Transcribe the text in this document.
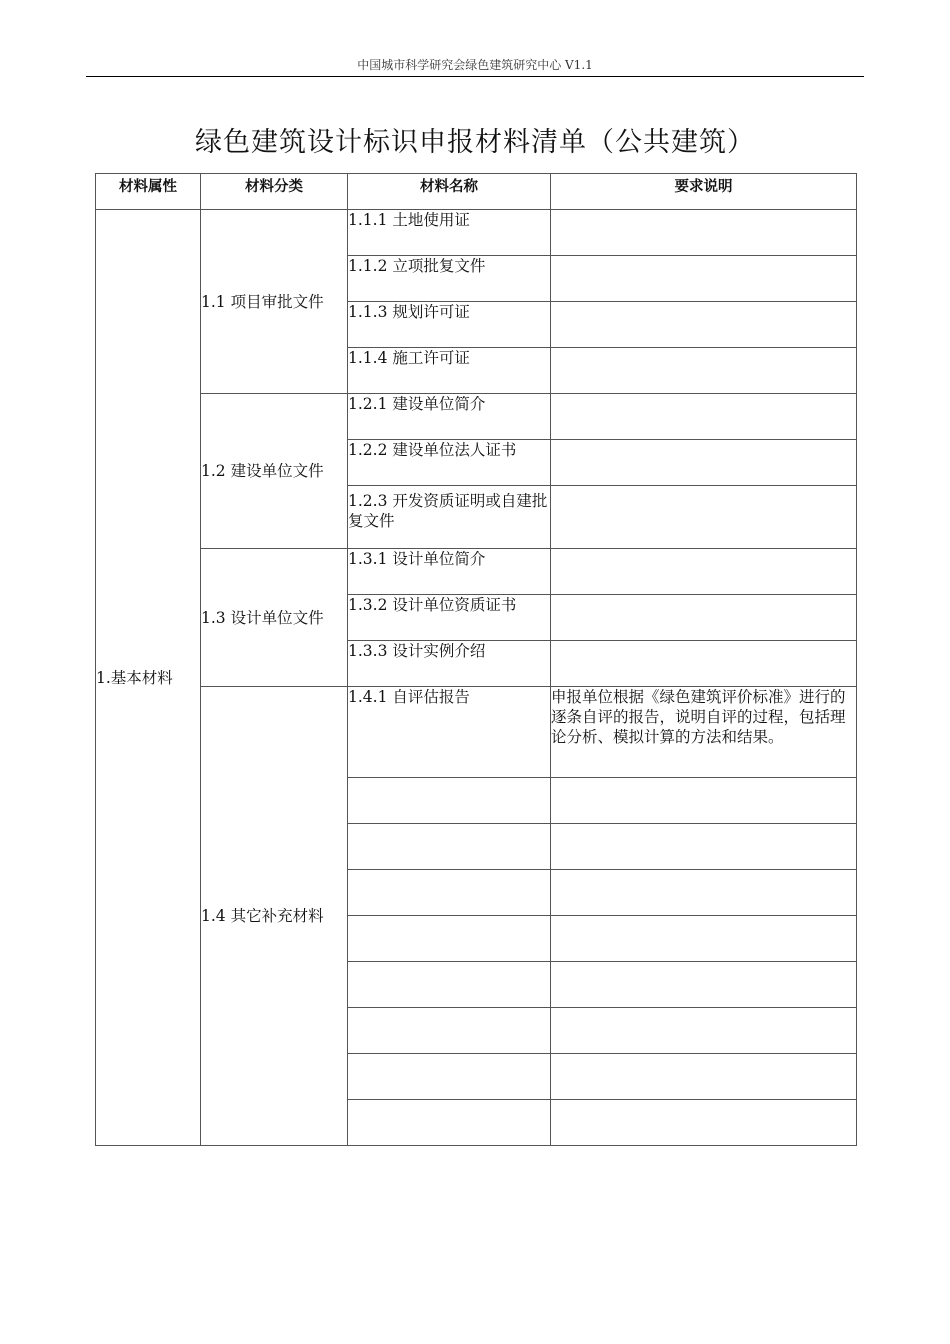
中国城市科学研究会绿色建筑研究中心 V1.1
绿色建筑设计标识申报材料清单（公共建筑）
材料属性	材料分类	材料名称	要求说明
1.基本材料	1.1 项目审批文件	1.1.1 土地使用证	
		1.1.2 立项批复文件	
		1.1.3 规划许可证	
		1.1.4 施工许可证	
	1.2 建设单位文件	1.2.1 建设单位简介	
		1.2.2 建设单位法人证书	
		1.2.3 开发资质证明或自建批复文件	
	1.3 设计单位文件	1.3.1 设计单位简介	
		1.3.2 设计单位资质证书	
		1.3.3 设计实例介绍	
	1.4 其它补充材料	1.4.1 自评估报告	申报单位根据《绿色建筑评价标准》进行的逐条自评的报告，说明自评的过程，包括理论分析、模拟计算的方法和结果。
